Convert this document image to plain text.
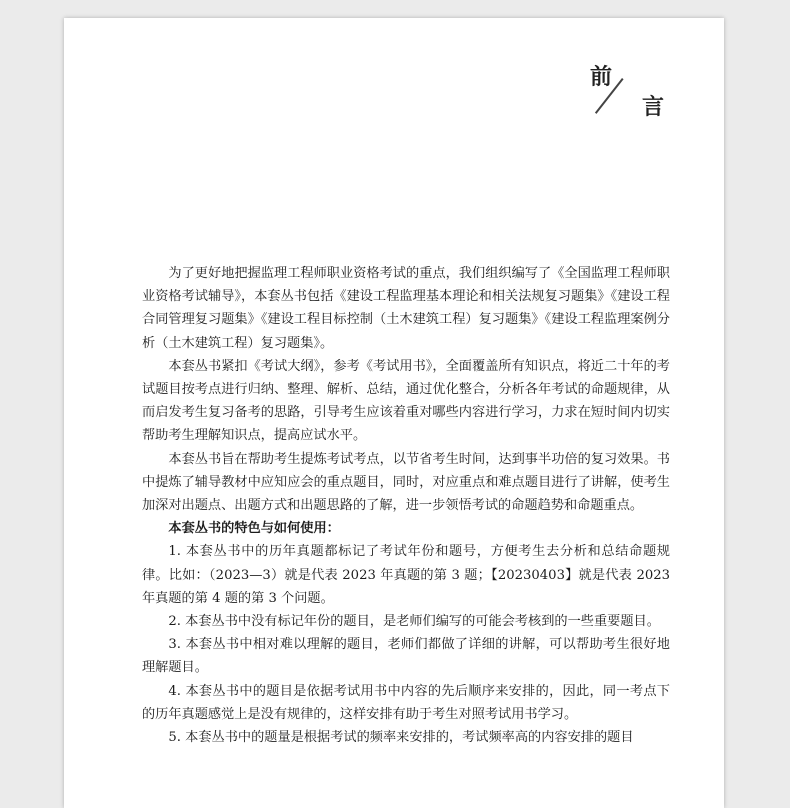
前
言

为了更好地把握监理工程师职业资格考试的重点，我们组织编写了《全国监理工程师职业资格考试辅导》，本套丛书包括《建设工程监理基本理论和相关法规复习题集》《建设工程合同管理复习题集》《建设工程目标控制（土木建筑工程）复习题集》《建设工程监理案例分析（土木建筑工程）复习题集》。

本套丛书紧扣《考试大纲》，参考《考试用书》，全面覆盖所有知识点，将近二十年的考试题目按考点进行归纳、整理、解析、总结，通过优化整合，分析各年考试的命题规律，从而启发考生复习备考的思路，引导考生应该着重对哪些内容进行学习，力求在短时间内切实帮助考生理解知识点，提高应试水平。

本套丛书旨在帮助考生提炼考试考点，以节省考生时间，达到事半功倍的复习效果。书中提炼了辅导教材中应知应会的重点题目，同时，对应重点和难点题目进行了讲解，使考生加深对出题点、出题方式和出题思路的了解，进一步领悟考试的命题趋势和命题重点。

本套丛书的特色与如何使用：

1. 本套丛书中的历年真题都标记了考试年份和题号，方便考生去分析和总结命题规律。比如：（2023—3）就是代表 2023 年真题的第 3 题；【20230403】就是代表 2023 年真题的第 4 题的第 3 个问题。

2. 本套丛书中没有标记年份的题目，是老师们编写的可能会考核到的一些重要题目。

3. 本套丛书中相对难以理解的题目，老师们都做了详细的讲解，可以帮助考生很好地理解题目。

4. 本套丛书中的题目是依据考试用书中内容的先后顺序来安排的，因此，同一考点下的历年真题感觉上是没有规律的，这样安排有助于考生对照考试用书学习。

5. 本套丛书中的题量是根据考试的频率来安排的，考试频率高的内容安排的题目
